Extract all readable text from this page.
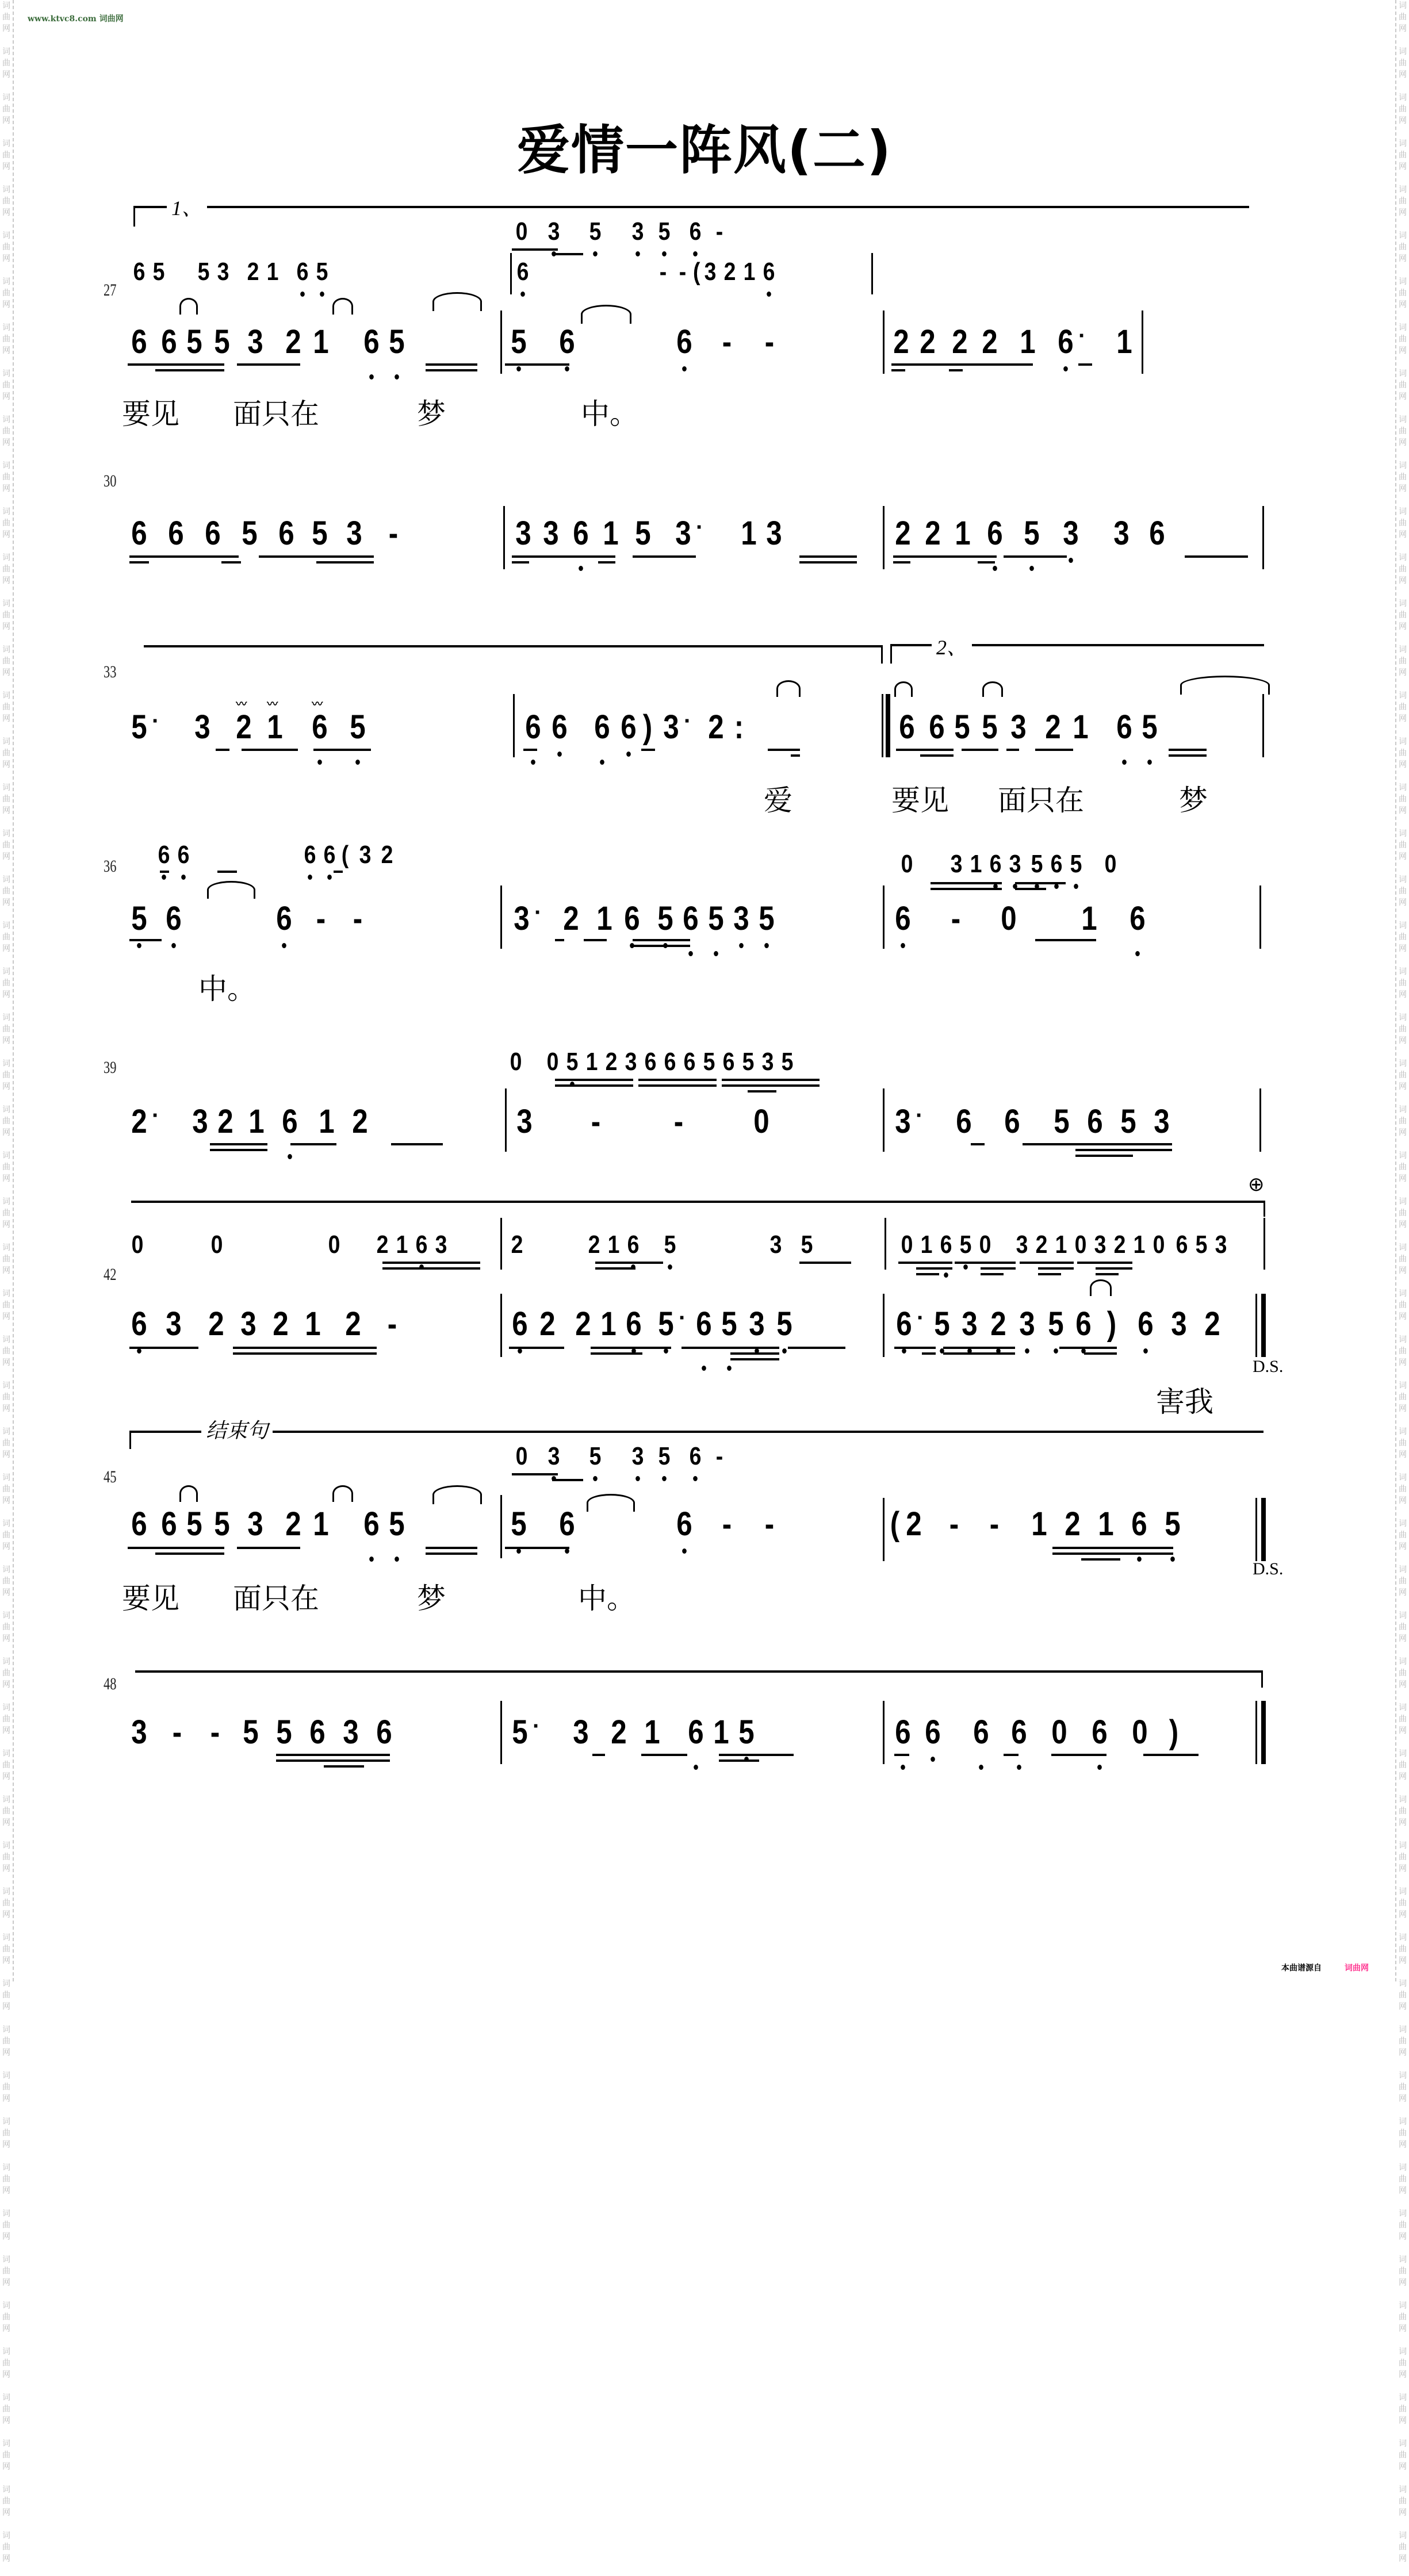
词
曲
网

词
曲
网

词
曲
网

词
曲
网

词
曲
网

词
曲
网

词
曲
网

词
曲
网

词
曲
网

词
曲
网

词
曲
网

词
曲
网

词
曲
网

词
曲
网

词
曲
网

词
曲
网

词
曲
网

词
曲
网

词
曲
网

词
曲
网

词
曲
网

词
曲
网

词
曲
网

词
曲
网

词
曲
网

词
曲
网

词
曲
网

词
曲
网

词
曲
网

词
曲
网

词
曲
网

词
曲
网

词
曲
网

词
曲
网

词
曲
网

词
曲
网

词
曲
网

词
曲
网

词
曲
网

词
曲
网

词
曲
网

词
曲
网

词
曲
网

词
曲
网

词
曲
网

词
曲
网

词
曲
网

词
曲
网

词
曲
网

词
曲
网

词
曲
网

词
曲
网

词
曲
网

词
曲
网

词
曲
网

词
曲
网

词
曲
网

词
曲
网

词
曲
网

词
曲
网

词
曲
网

词
曲
网

词
曲
网

词
曲
网

词
曲
网

词
曲
网

词
曲
网

词
曲
网

词
曲
网

词
曲
网

词
曲
网

词
曲
网

词
曲
网

词
曲
网

词
曲
网

词
曲
网

词
曲
网

词
曲
网

词
曲
网

词
曲
网

词
曲
网

词
曲
网

词
曲
网

词
曲
网

词
曲
网

词
曲
网

词
曲
网

词
曲
网

词
曲
网

词
曲
网

词
曲
网

词
曲
网

词
曲
网

词
曲
网

词
曲
网

词
曲
网

词
曲
网

词
曲
网

词
曲
网

词
曲
网

词
曲
网

词
曲
网

词
曲
网

词
曲
网

词
曲
网

词
曲
网

词
曲
网

词
曲
网

词
曲
网

词
曲
网

词
曲
网

词
曲
网

www.ktvc8.com 词曲网
爱情一阵风(二)
1、
27
0 3 5 3 5 6 -
6 5 5 3 2 1 6 5	6	- - ( 3 2 1 6
6 6 5 5 3 2 1 6 5	5 6	6 - -	2 2 2 2 1 6 · 1
要见 面只在	梦	中。
30
6 6 6 5 6 5 3 -	3 3 6 1 5 3 · 1 3	2 2 1 6 5 3 3 6
2、
33
5 · 3 2
〰
1
〰
6
〰
5	6 6 6 6 ) 3 · 2 :	6 6 5 5 3 2 1 6 5
爱	要见 面只在	梦
36 6 6	6 6 ( 3 2	0 3 1 6 3 5 6 5 0
5 6	6 - -	3 · 2 1 6 5 6 5 3 5	6 - 0 1 6
中。
39	0 0 5 1 2 3 6 6 6 5 6 5 3 5
2 · 3 2 1 6 1 2	3 - - 0	3 · 6 6 5 6 5 3
⊕
42
0	0	0 2 1 6 3	2	2 1 6 5	3 5	0 1 6 5 0 3 2 1 0 3 2 1 0 6 5 3
6 3 2 3 2 1 2 -	6 2 2 1 6 5 · 6 5 3 5	6 · 5 3 2 3 5 6 ) 6 3 2
D.S.
害我
结束句
45
0 3 5 3 5 6 -
6 6 5 5 3 2 1 6 5	5 6	6 - -	( 2 - - 1 2 1 6 5
D.S.
要见 面只在	梦	中。
48
3 - - 5 5 6 3 6	5 · 3 2 1 6 1 5	6 6 6 6 0 6 0 )
本曲谱源自	词曲网
